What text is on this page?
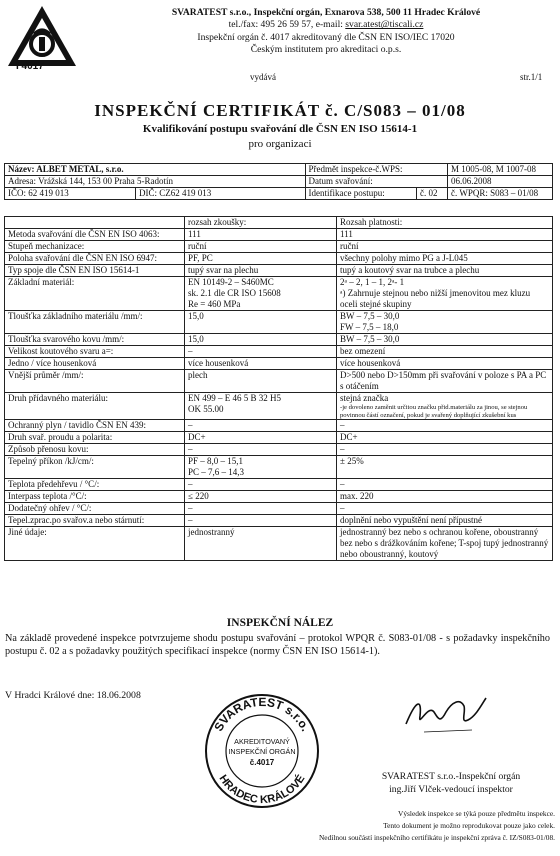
I 4017
SVARATEST s.r.o., Inspekční orgán, Exnarova 538, 500 11 Hradec Králové
tel./fax: 495 26 59 57, e-mail: svar.atest@tiscali.cz
Inspekční orgán č. 4017 akreditovaný dle ČSN EN ISO/IEC 17020
Českým institutem pro akreditaci o.p.s.
vydává	str.1/1
INSPEKČNÍ CERTIFIKÁT č. C/S083 – 01/08
Kvalifikování postupu svařování dle ČSN EN ISO 15614-1
pro organizaci
Název: ALBET METAL, s.r.o.		Předmět inspekce-č.WPS:		M 1005-08, M 1007-08
Adresa: Vrážská 144, 153 00 Praha 5-Radotín		Datum svařování:		06.06.2008
IČO: 62 419 013	DIČ: CZ62 419 013	Identifikace postupu:	č. 02	č. WPQR: S083 – 01/08
	rozsah zkoušky:	Rozsah platnosti:
Metoda svařování dle ČSN EN ISO 4063:	111	111
Stupeň mechanizace:	ruční	ruční
Poloha svařování dle ČSN EN ISO 6947:	PF, PC	všechny polohy mimo PG a J-L045
Typ spoje dle ČSN EN ISO 15614-1	tupý svar na plechu	tupý a koutový svar na trubce a plechu
Základní materiál:	EN 10149-2 – S460MC
sk. 2.1 dle CR ISO 15608
Re = 460 MPa	2ᵃ – 2, 1 – 1, 2ᵃ- 1
ᵃ) Zahrnuje stejnou nebo nižší jmenovitou mez kluzu oceli stejné skupiny
Tloušťka základního materiálu /mm/:	15,0	BW – 7,5 – 30,0
FW – 7,5 – 18,0
Tloušťka svarového kovu /mm/:	15,0	BW – 7,5 – 30,0
Velikost koutového svaru a=:	–	bez omezení
Jedno / více housenková	více housenková	více housenková
Vnější průměr /mm/:	plech	D>500 nebo D>150mm při svařování v poloze s PA a PC s otáčením
Druh přídavného materiálu:	EN 499 – E 46 5 B 32 H5
OK 55.00	stejná značka
-je dovoleno zaměnit určitou značku přid.materiálu za jinou, se stejnou povinnou částí označení, pokud je svařený doplňující zkušební kus

Ochranný plyn / tavidlo ČSN EN 439:	–	–
Druh svař. proudu a polarita:	DC+	DC+
Způsob přenosu kovu:	–	–
Tepelný příkon /kJ/cm/:	PF – 8,0 – 15,1
PC – 7,6 – 14,3	± 25%
Teplota předehřevu / °C/:	–	–
Interpass teplota /°C/:	≤ 220	max. 220
Dodatečný ohřev / °C/:	–	–
Tepel.zprac.po svařov.a nebo stárnutí:	–	doplnění nebo vypuštění není přípustné
Jiné údaje:	jednostranný	jednostranný bez nebo s ochranou kořene, oboustranný bez nebo s drážkováním kořene; T-spoj tupý jednostranný nebo oboustranný, koutový
INSPEKČNÍ NÁLEZ
Na základě provedené inspekce potvrzujeme shodu postupu svařování – protokol WPQR č. S083-01/08 - s požadavky inspekčního postupu č. 02 a s požadavky použitých specifikací inspekce (normy ČSN EN ISO 15614-1).
V Hradci Králové dne: 18.06.2008
SVARATEST s.r.o.
HRADEC KRÁLOVÉ
AKREDITOVANÝ
INSPEKČNÍ ORGÁN
č.4017
SVARATEST s.r.o.-Inspekční orgán
ing.Jiří Vlček-vedoucí inspektor
Výsledek inspekce se týká pouze předmětu inspekce.
Tento dokument je možno reprodukovat pouze jako celek.
Nedílnou součástí inspekčního certifikátu je inspekční zpráva č. IZ/S083-01/08.
